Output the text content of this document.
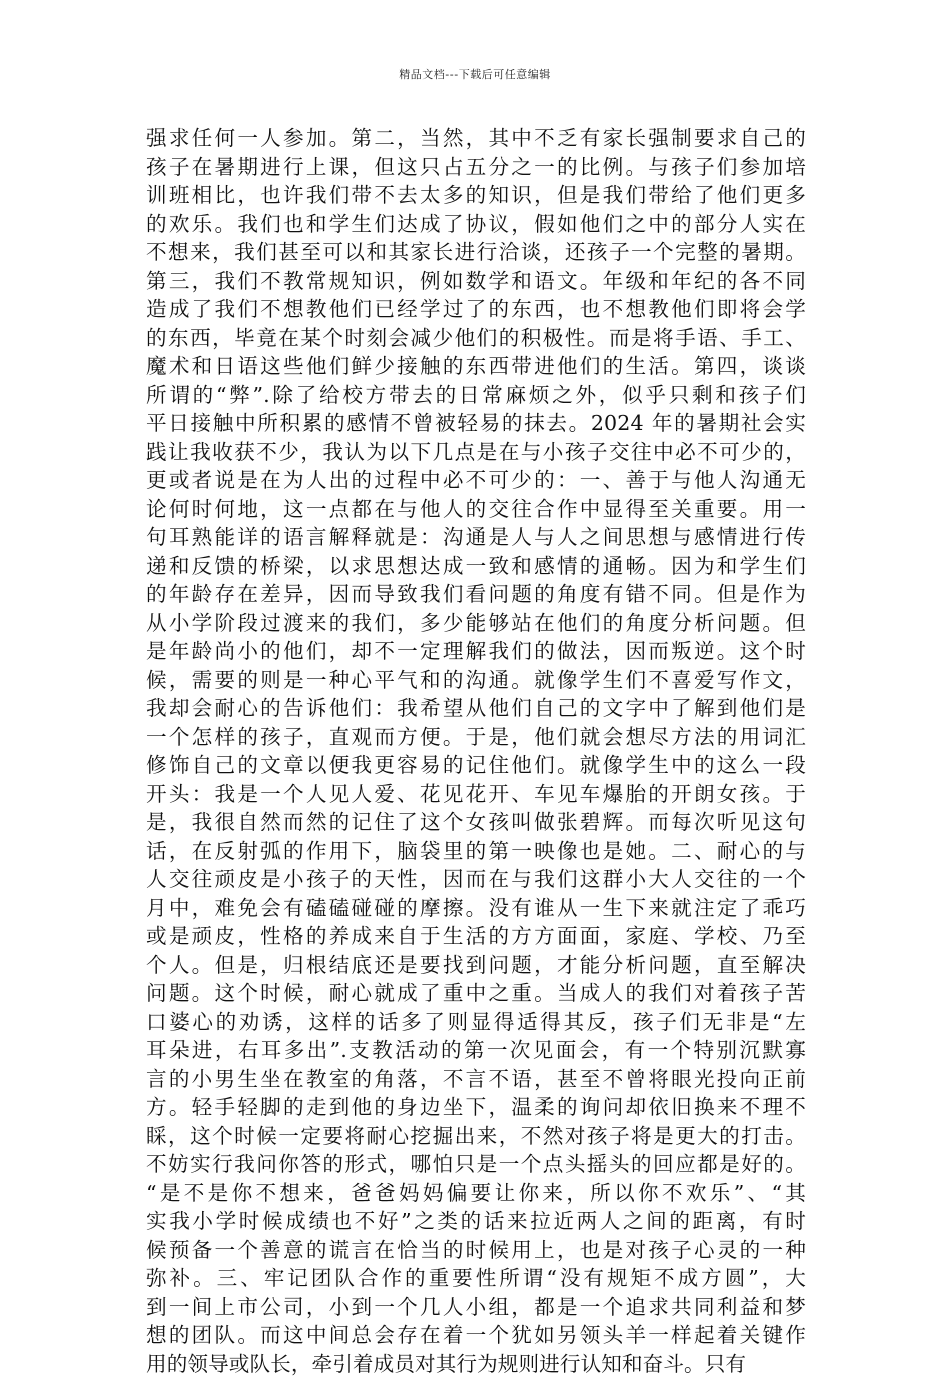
精品文档---下载后可任意编辑
强求任何一人参加。第二，当然，其中不乏有家长强制要求自己的
孩子在暑期进行上课，但这只占五分之一的比例。与孩子们参加培
训班相比，也许我们带不去太多的知识，但是我们带给了他们更多
的欢乐。我们也和学生们达成了协议，假如他们之中的部分人实在
不想来，我们甚至可以和其家长进行洽谈，还孩子一个完整的暑期。
第三，我们不教常规知识，例如数学和语文。年级和年纪的各不同
造成了我们不想教他们已经学过了的东西，也不想教他们即将会学
的东西，毕竟在某个时刻会减少他们的积极性。而是将手语、手工、
魔术和日语这些他们鲜少接触的东西带进他们的生活。第四，谈谈
所谓的“弊”.除了给校方带去的日常麻烦之外，似乎只剩和孩子们
平日接触中所积累的感情不曾被轻易的抹去。2024 年的暑期社会实
践让我收获不少，我认为以下几点是在与小孩子交往中必不可少的，
更或者说是在为人出的过程中必不可少的：一、善于与他人沟通无
论何时何地，这一点都在与他人的交往合作中显得至关重要。用一
句耳熟能详的语言解释就是：沟通是人与人之间思想与感情进行传
递和反馈的桥梁，以求思想达成一致和感情的通畅。因为和学生们
的年龄存在差异，因而导致我们看问题的角度有错不同。但是作为
从小学阶段过渡来的我们，多少能够站在他们的角度分析问题。但
是年龄尚小的他们，却不一定理解我们的做法，因而叛逆。这个时
候，需要的则是一种心平气和的沟通。就像学生们不喜爱写作文，
我却会耐心的告诉他们：我希望从他们自己的文字中了解到他们是
一个怎样的孩子，直观而方便。于是，他们就会想尽方法的用词汇
修饰自己的文章以便我更容易的记住他们。就像学生中的这么一段
开头：我是一个人见人爱、花见花开、车见车爆胎的开朗女孩。于
是，我很自然而然的记住了这个女孩叫做张碧辉。而每次听见这句
话，在反射弧的作用下，脑袋里的第一映像也是她。二、耐心的与
人交往顽皮是小孩子的天性，因而在与我们这群小大人交往的一个
月中，难免会有磕磕碰碰的摩擦。没有谁从一生下来就注定了乖巧
或是顽皮，性格的养成来自于生活的方方面面，家庭、学校、乃至
个人。但是，归根结底还是要找到问题，才能分析问题，直至解决
问题。这个时候，耐心就成了重中之重。当成人的我们对着孩子苦
口婆心的劝诱，这样的话多了则显得适得其反，孩子们无非是“左
耳朵进，右耳多出”.支教活动的第一次见面会，有一个特别沉默寡
言的小男生坐在教室的角落，不言不语，甚至不曾将眼光投向正前
方。轻手轻脚的走到他的身边坐下，温柔的询问却依旧换来不理不
睬，这个时候一定要将耐心挖掘出来，不然对孩子将是更大的打击。
不妨实行我问你答的形式，哪怕只是一个点头摇头的回应都是好的。
“是不是你不想来，爸爸妈妈偏要让你来，所以你不欢乐”、“其
实我小学时候成绩也不好”之类的话来拉近两人之间的距离，有时
候预备一个善意的谎言在恰当的时候用上，也是对孩子心灵的一种
弥补。三、牢记团队合作的重要性所谓“没有规矩不成方圆”，大
到一间上市公司，小到一个几人小组，都是一个追求共同利益和梦
想的团队。而这中间总会存在着一个犹如另领头羊一样起着关键作
用的领导或队长，牵引着成员对其行为规则进行认知和奋斗。只有
